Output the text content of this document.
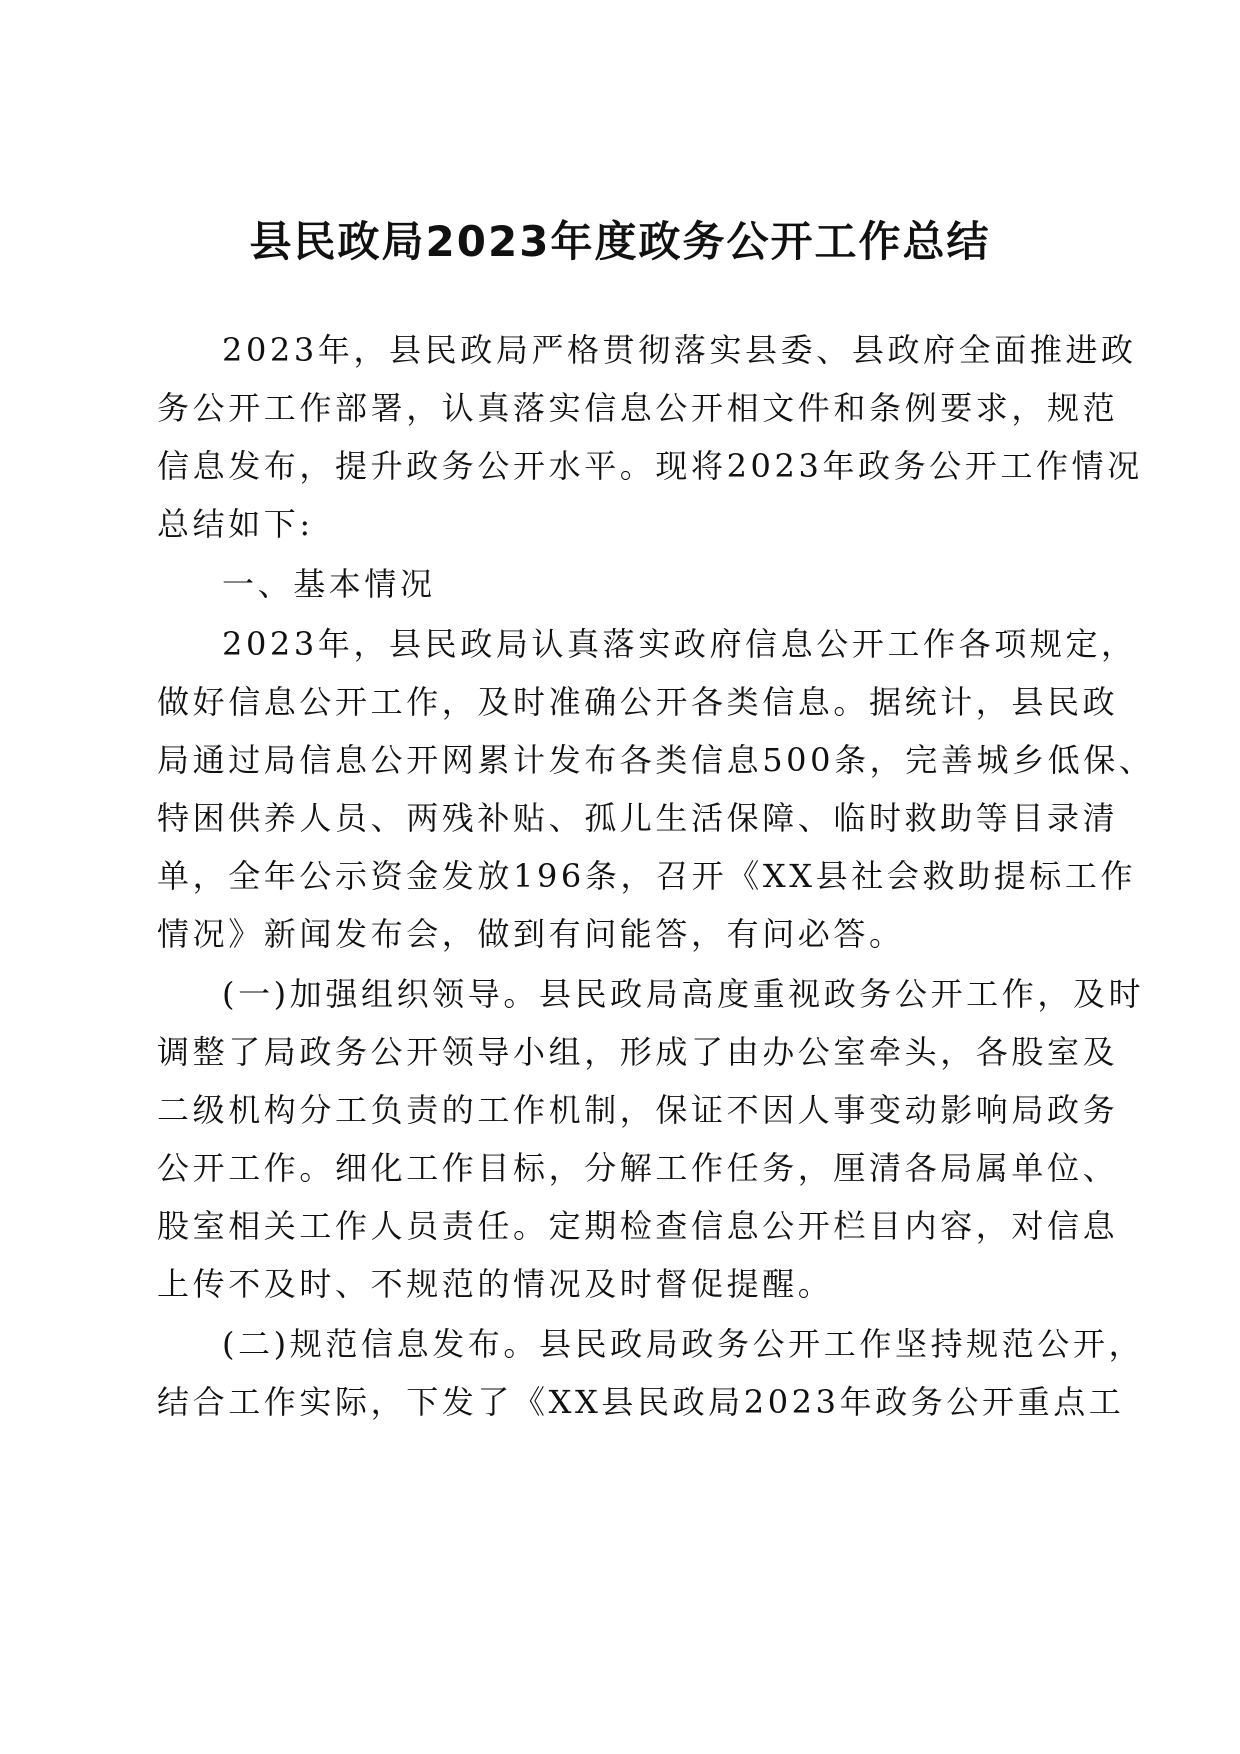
县民政局2023年度政务公开工作总结
2023年，县民政局严格贯彻落实县委、县政府全面推进政
务公开工作部署，认真落实信息公开相文件和条例要求，规范
信息发布，提升政务公开水平。现将2023年政务公开工作情况
总结如下:
一、基本情况
2023年，县民政局认真落实政府信息公开工作各项规定，
做好信息公开工作，及时准确公开各类信息。据统计，县民政
局通过局信息公开网累计发布各类信息500条，完善城乡低保、
特困供养人员、两残补贴、孤儿生活保障、临时救助等目录清
单，全年公示资金发放196条，召开《XX县社会救助提标工作
情况》新闻发布会，做到有问能答，有问必答。
(一)加强组织领导。县民政局高度重视政务公开工作，及时
调整了局政务公开领导小组，形成了由办公室牵头，各股室及
二级机构分工负责的工作机制，保证不因人事变动影响局政务
公开工作。细化工作目标，分解工作任务，厘清各局属单位、
股室相关工作人员责任。定期检查信息公开栏目内容，对信息
上传不及时、不规范的情况及时督促提醒。
(二)规范信息发布。县民政局政务公开工作坚持规范公开，
结合工作实际，下发了《XX县民政局2023年政务公开重点工
